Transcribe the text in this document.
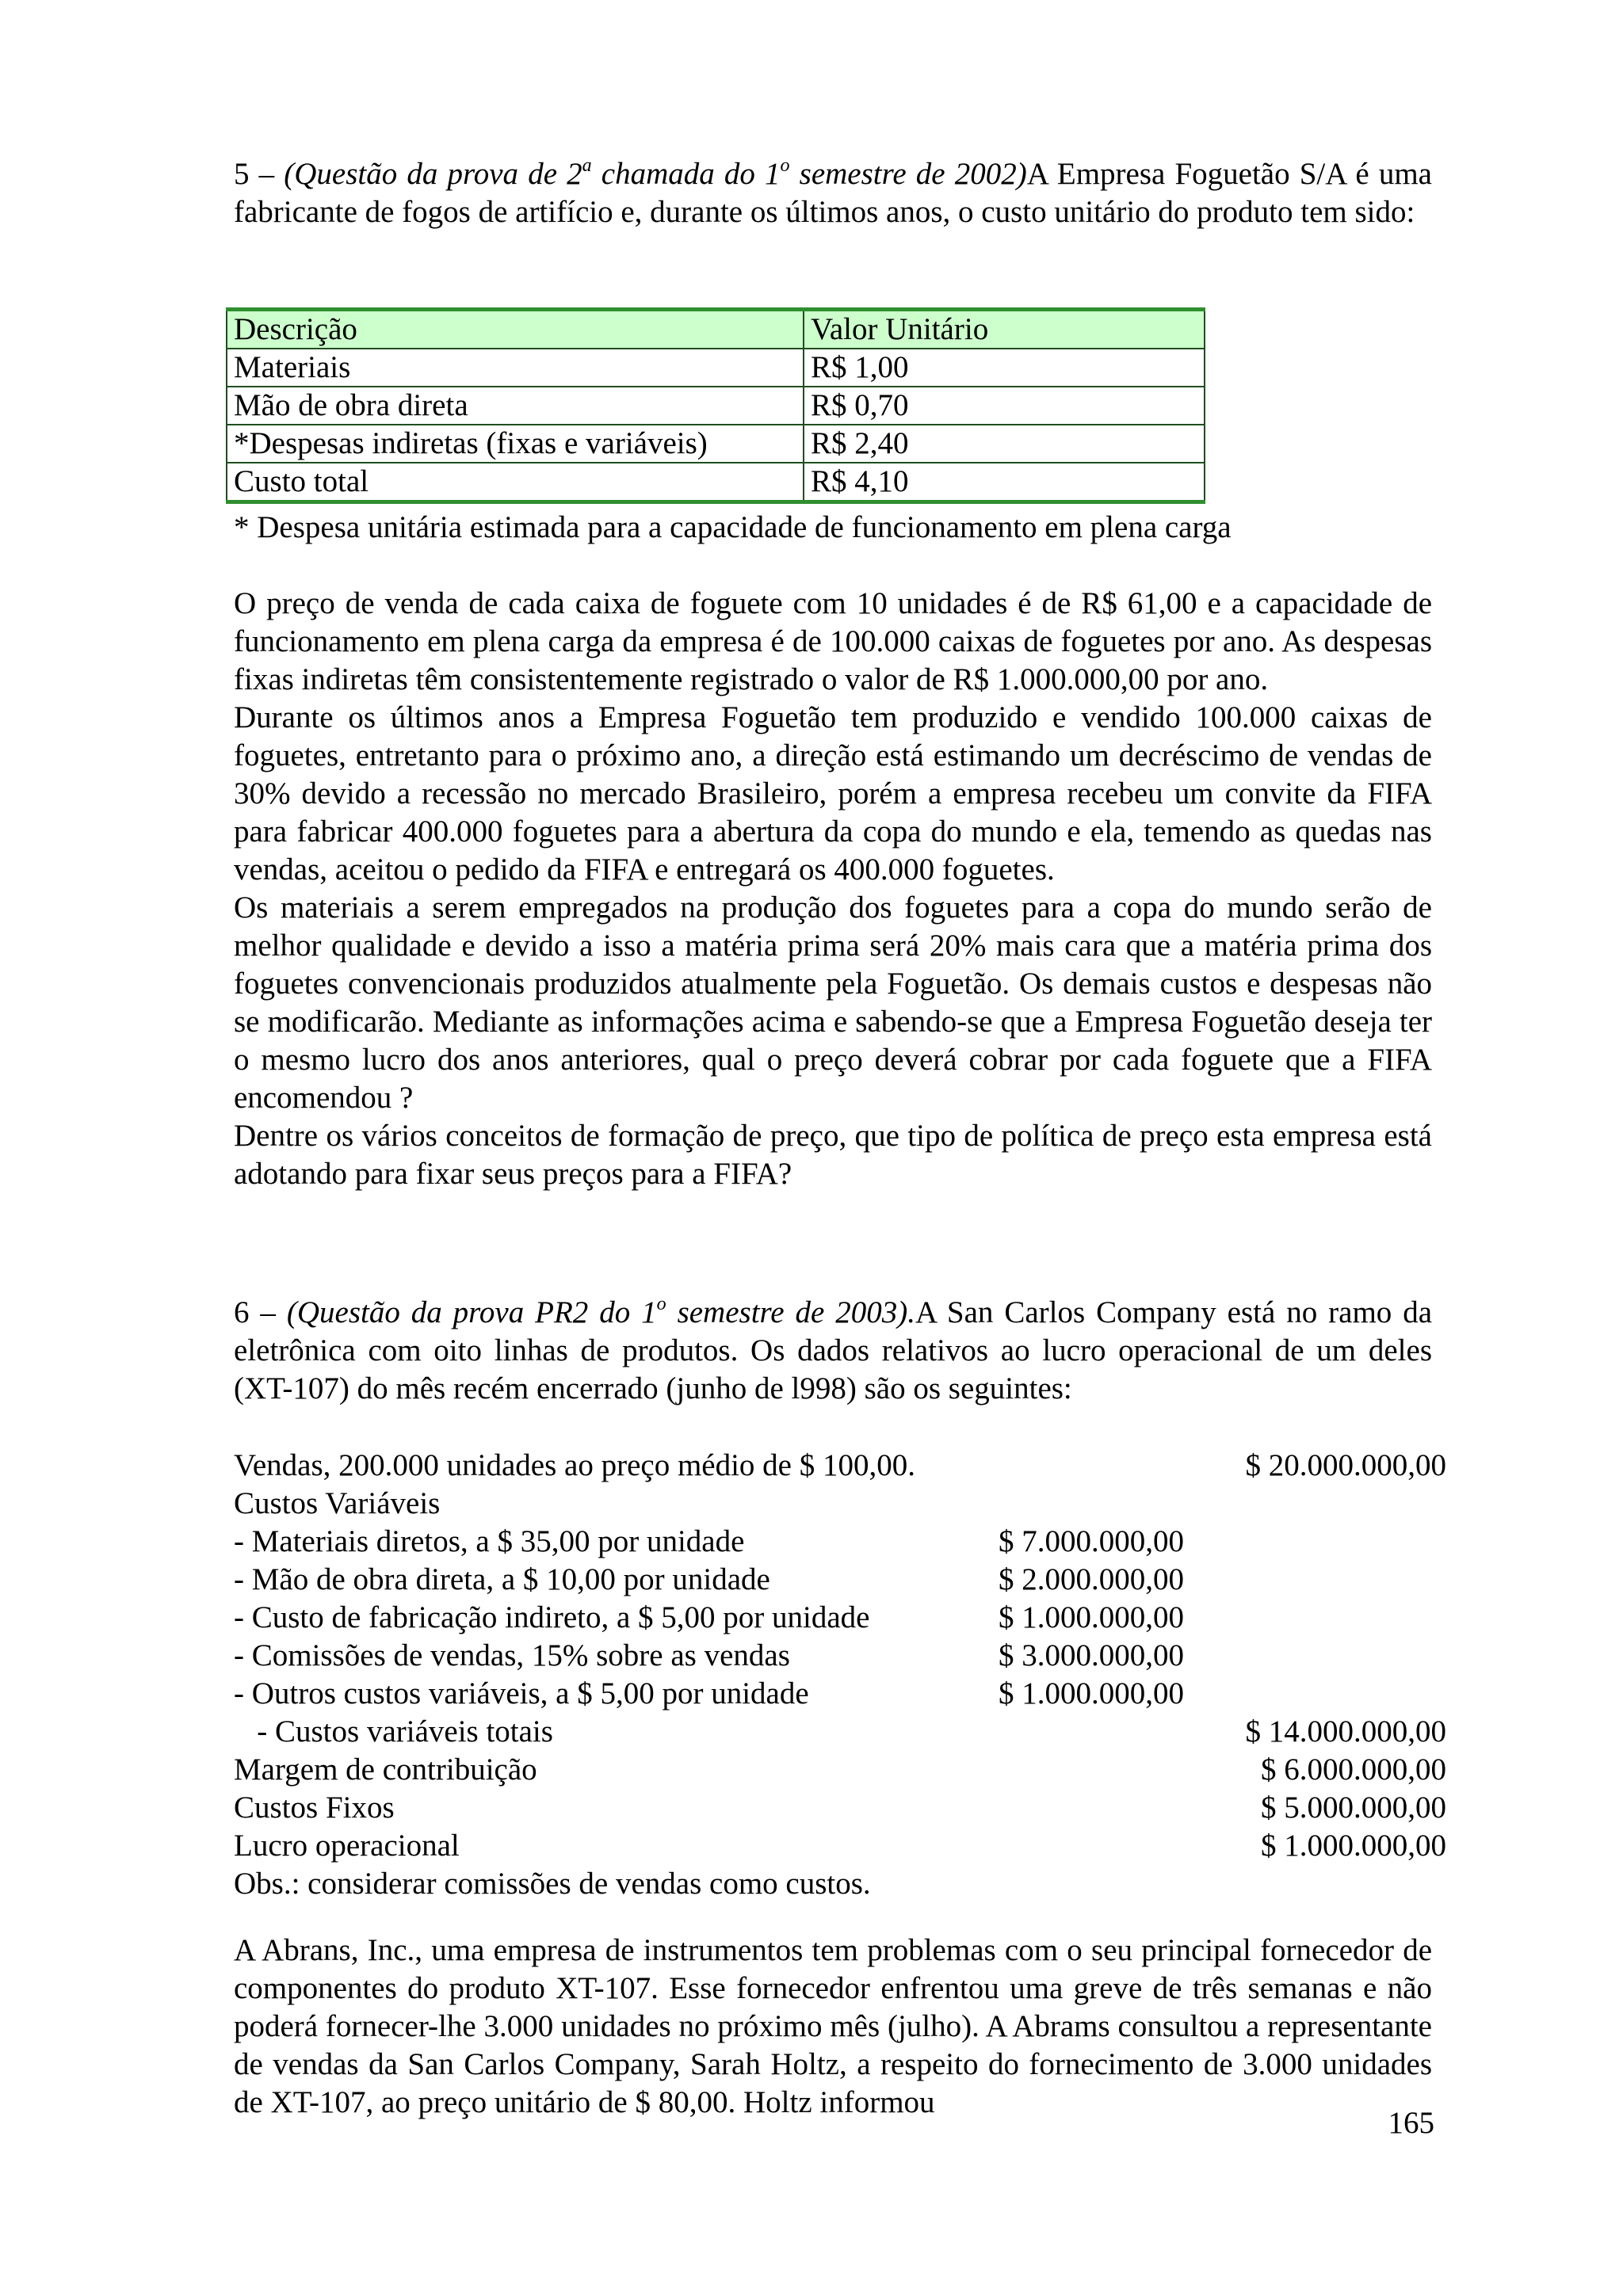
5 – (Questão da prova de 2$^a$ chamada do 1$^o$ semestre de 2002)A Empresa Foguetão S/A é uma fabricante de fogos de artifício e, durante os últimos anos, o custo unitário do produto tem sido:
Descrição	Valor Unitário
Materiais	R$ 1,00
Mão de obra direta	R$ 0,70
*Despesas indiretas (fixas e variáveis)	R$ 2,40
Custo total	R$ 4,10
* Despesa unitária estimada para a capacidade de funcionamento em plena carga

O preço de venda de cada caixa de foguete com 10 unidades é de R$ 61,00 e a capacidade de funcionamento em plena carga da empresa é de 100.000 caixas de foguetes por ano. As despesas fixas indiretas têm consistentemente registrado o valor de R$ 1.000.000,00 por ano.

Durante os últimos anos a Empresa Foguetão tem produzido e vendido 100.000 caixas de foguetes, entretanto para o próximo ano, a direção está estimando um decréscimo de vendas de 30% devido a recessão no mercado Brasileiro, porém a empresa recebeu um convite da FIFA para fabricar 400.000 foguetes para a abertura da copa do mundo e ela, temendo as quedas nas vendas, aceitou o pedido da FIFA e entregará os 400.000 foguetes.

Os materiais a serem empregados na produção dos foguetes para a copa do mundo serão de melhor qualidade e devido a isso a matéria prima será 20% mais cara que a matéria prima dos foguetes convencionais produzidos atualmente pela Foguetão. Os demais custos e despesas não se modificarão. Mediante as informações acima e sabendo-se que a Empresa Foguetão deseja ter o mesmo lucro dos anos anteriores, qual o preço deverá cobrar por cada foguete que a FIFA encomendou ?

Dentre os vários conceitos de formação de preço, que tipo de política de preço esta empresa está adotando para fixar seus preços para a FIFA?

6 – (Questão da prova PR2 do 1$^o$ semestre de 2003).A San Carlos Company está no ramo da eletrônica com oito linhas de produtos. Os dados relativos ao lucro operacional de um deles (XT-107) do mês recém encerrado (junho de l998) são os seguintes:
Vendas, 200.000 unidades ao preço médio de $ 100,00.	$ 20.000.000,00
Custos Variáveis
- Materiais diretos, a $ 35,00 por unidade	$ 7.000.000,00
- Mão de obra direta, a $ 10,00 por unidade	$ 2.000.000,00
- Custo de fabricação indireto, a $ 5,00 por unidade	$ 1.000.000,00
- Comissões de vendas, 15% sobre as vendas	$ 3.000.000,00
- Outros custos variáveis, a $ 5,00 por unidade	$ 1.000.000,00
- Custos variáveis totais	$ 14.000.000,00
Margem de contribuição	$ 6.000.000,00
Custos Fixos	$ 5.000.000,00
Lucro operacional	$ 1.000.000,00
Obs.: considerar comissões de vendas como custos.

A Abrans, Inc., uma empresa de instrumentos tem problemas com o seu principal fornecedor de componentes do produto XT-107. Esse fornecedor enfrentou uma greve de três semanas e não poderá fornecer-lhe 3.000 unidades no próximo mês (julho). A Abrams consultou a representante de vendas da San Carlos Company, Sarah Holtz, a respeito do fornecimento de 3.000 unidades de XT-107, ao preço unitário de $ 80,00. Holtz informou

165
